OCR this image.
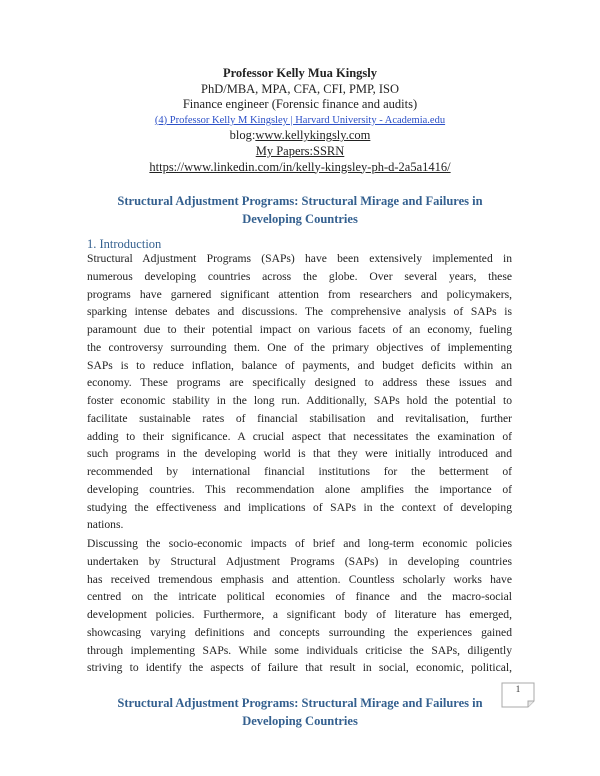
Professor Kelly Mua Kingsly
PhD/MBA, MPA, CFA, CFI, PMP, ISO
Finance engineer (Forensic finance and audits)
(4) Professor Kelly M Kingsley | Harvard University - Academia.edu
blog:www.kellykingsly.com
My Papers:SSRN
https://www.linkedin.com/in/kelly-kingsley-ph-d-2a5a1416/
Structural Adjustment Programs: Structural Mirage and Failures in
Developing Countries
1. Introduction
Structural Adjustment Programs (SAPs) have been extensively implemented in
numerous developing countries across the globe. Over several years, these
programs have garnered significant attention from researchers and policymakers,
sparking intense debates and discussions. The comprehensive analysis of SAPs is
paramount due to their potential impact on various facets of an economy, fueling
the controversy surrounding them. One of the primary objectives of implementing
SAPs is to reduce inflation, balance of payments, and budget deficits within an
economy. These programs are specifically designed to address these issues and
foster economic stability in the long run. Additionally, SAPs hold the potential to
facilitate sustainable rates of financial stabilisation and revitalisation, further
adding to their significance. A crucial aspect that necessitates the examination of
such programs in the developing world is that they were initially introduced and
recommended by international financial institutions for the betterment of
developing countries. This recommendation alone amplifies the importance of
studying the effectiveness and implications of SAPs in the context of developing
nations.
Discussing the socio-economic impacts of brief and long-term economic policies
undertaken by Structural Adjustment Programs (SAPs) in developing countries
has received tremendous emphasis and attention. Countless scholarly works have
centred on the intricate political economies of finance and the macro-social
development policies. Furthermore, a significant body of literature has emerged,
showcasing varying definitions and concepts surrounding the experiences gained
through implementing SAPs. While some individuals criticise the SAPs, diligently
striving to identify the aspects of failure that result in social, economic, political,
1
Structural Adjustment Programs: Structural Mirage and Failures in
Developing Countries
